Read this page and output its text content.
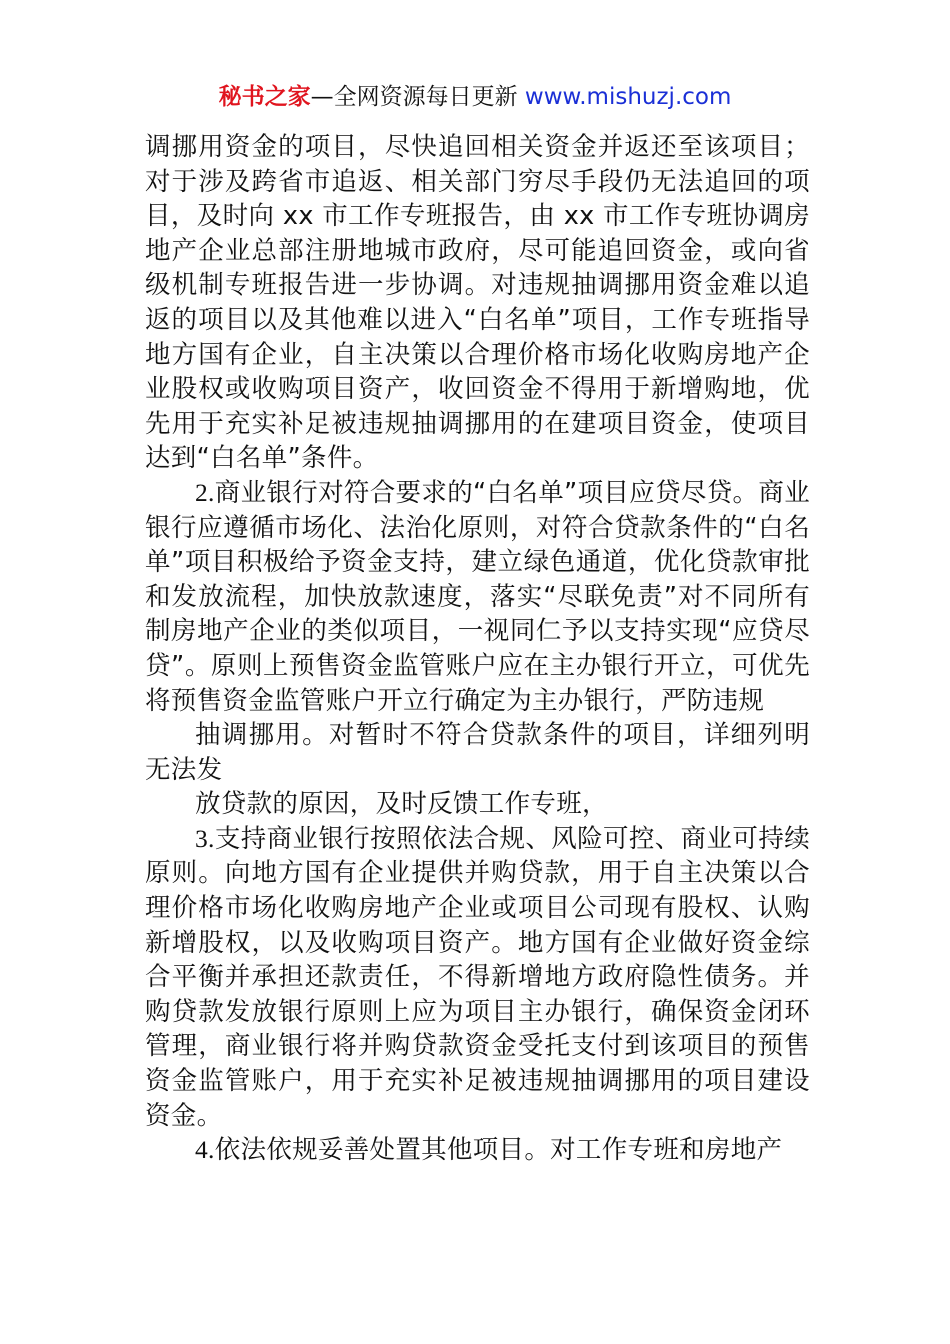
秘书之家—全网资源每日更新 www.mishuzj.com

调挪用资金的项目，尽快追回相关资金并返还至该项目；对于涉及跨省市追返、相关部门穷尽手段仍无法追回的项目，及时向 xx 市工作专班报告，由 xx 市工作专班协调房地产企业总部注册地城市政府，尽可能追回资金，或向省级机制专班报告进一步协调。对违规抽调挪用资金难以追返的项目以及其他难以进入“白名单”项目，工作专班指导地方国有企业，自主决策以合理价格市场化收购房地产企业股权或收购项目资产，收回资金不得用于新增购地，优先用于充实补足被违规抽调挪用的在建项目资金，使项目达到“白名单”条件。

2.商业银行对符合要求的“白名单”项目应贷尽贷。商业银行应遵循市场化、法治化原则，对符合贷款条件的“白名单”项目积极给予资金支持，建立绿色通道，优化贷款审批和发放流程，加快放款速度，落实“尽联免责”对不同所有制房地产企业的类似项目，一视同仁予以支持实现“应贷尽贷”。原则上预售资金监管账户应在主办银行开立，可优先将预售资金监管账户开立行确定为主办银行，严防违规

抽调挪用。对暂时不符合贷款条件的项目，详细列明无法发

放贷款的原因，及时反馈工作专班，

3.支持商业银行按照依法合规、风险可控、商业可持续原则。向地方国有企业提供并购贷款，用于自主决策以合理价格市场化收购房地产企业或项目公司现有股权、认购新增股权，以及收购项目资产。地方国有企业做好资金综合平衡并承担还款责任，不得新增地方政府隐性债务。并购贷款发放银行原则上应为项目主办银行，确保资金闭环管理，商业银行将并购贷款资金受托支付到该项目的预售资金监管账户，用于充实补足被违规抽调挪用的项目建设资金。

4.依法依规妥善处置其他项目。对工作专班和房地产
